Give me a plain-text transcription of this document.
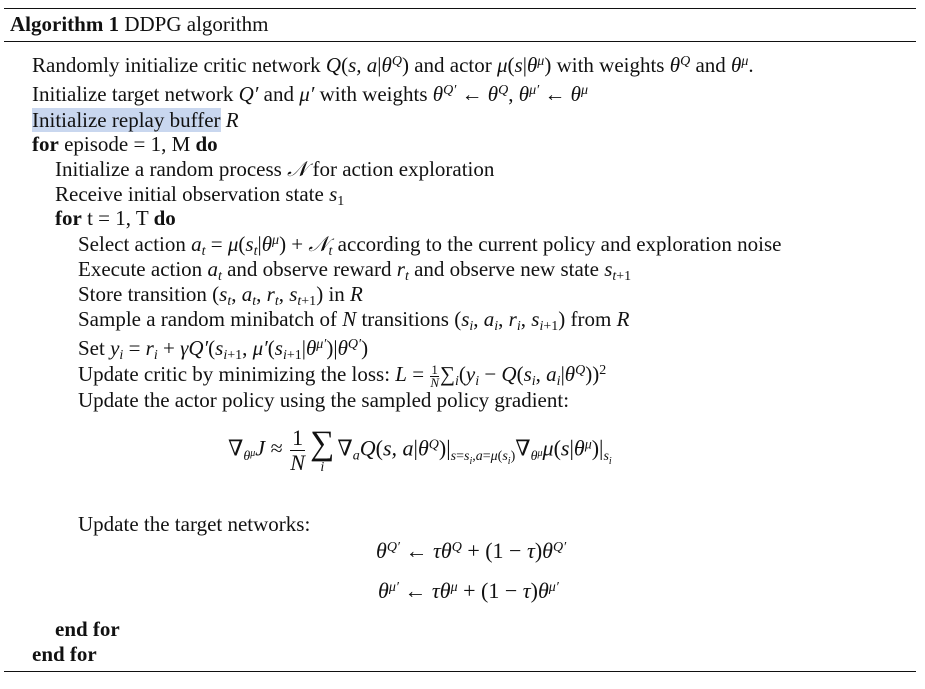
Algorithm 1 DDPG algorithm
Randomly initialize critic network Q(s, $a|\theta^Q$) and actor $\mu(s|\theta^\mu)$ with weights $\theta^Q$ and $\theta^\mu$.
Initialize target network Q′ and μ′ with weights $\theta^{Q'}$ ← $\theta^Q$, $\theta^{\mu'}$ ← $\theta^\mu$
Initialize replay buffer R
for episode = 1, M do
Initialize a random process 𝒩 for action exploration
Receive initial observation state $s_1$
for t = 1, T do
Select action $a_t = \mu(s_t|\theta^\mu)$ + 𝒩$_t$ according to the current policy and exploration noise
Execute action $a_t$ and observe reward $r_t$ and observe new state $s_{t+1}$
Store transition ($s_t$, $a_t$, $r_t$, $s_{t+1}$) in R
Sample a random minibatch of N transitions ($s_i$, $a_i$, $r_i$, $s_{i+1}$) from R
Set $y_i = r_i + \gamma Q'(s_{i+1}$, $\mu'(s_{i+1}|\theta^{\mu'})|\theta^{Q'}$)
Update critic by minimizing the loss: $L = \frac{1}{N} \sum_i(y_i - Q(s_i$, $a_i|\theta^Q))^2$
Update the actor policy using the sampled policy gradient:
$\nabla_{\theta^\mu}J \approx \frac{1}{N}$ ∑
i
$\nabla_aQ(s$, $a|\theta^Q)|_{s=s_i,a=\mu(s_i)}\nabla_{\theta^\mu}\mu(s|\theta^\mu)|_{s_i}$
Update the target networks:
$\theta^{Q'}$ ← $\tau\theta^Q + (1 - \tau)\theta^{Q'}$
$\theta^{\mu'}$ ← $\tau\theta^\mu + (1 - \tau)\theta^{\mu'}$
end for
end for
